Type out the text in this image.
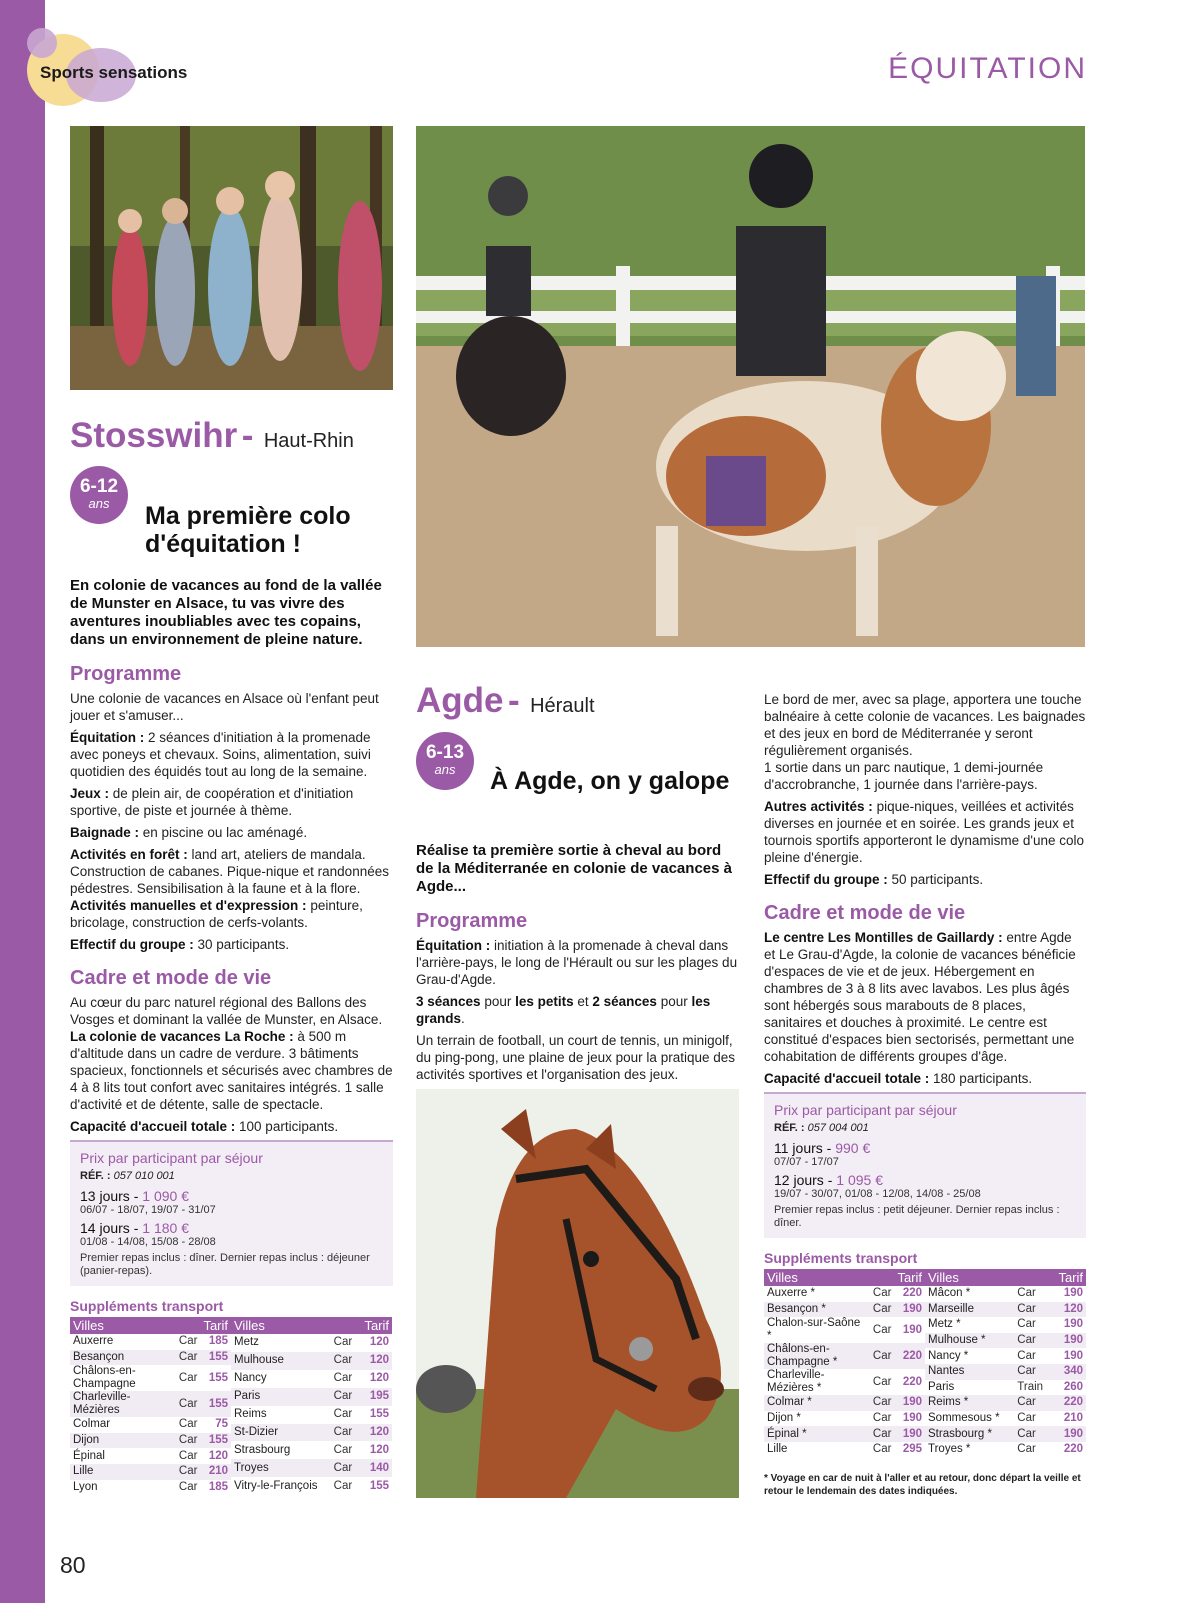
Sports sensations	ÉQUITATION
Stosswihr - Haut-Rhin
6-12
ans	Ma première colo d'équitation !
En colonie de vacances au fond de la vallée de Munster en Alsace, tu vas vivre des aventures inoubliables avec tes copains, dans un environnement de pleine nature.
Programme
Une colonie de vacances en Alsace où l'enfant peut jouer et s'amuser...
Équitation : 2 séances d'initiation à la promenade avec poneys et chevaux. Soins, alimentation, suivi quotidien des équidés tout au long de la semaine.
Jeux : de plein air, de coopération et d'initiation sportive, de piste et journée à thème.
Baignade : en piscine ou lac aménagé.
Activités en forêt : land art, ateliers de mandala. Construction de cabanes. Pique-nique et randonnées pédestres. Sensibilisation à la faune et à la flore.
Activités manuelles et d'expression : peinture, bricolage, construction de cerfs-volants.
Effectif du groupe : 30 participants.
Cadre et mode de vie
Au cœur du parc naturel régional des Ballons des Vosges et dominant la vallée de Munster, en Alsace.
La colonie de vacances La Roche : à 500 m d'altitude dans un cadre de verdure. 3 bâtiments spacieux, fonctionnels et sécurisés avec chambres de 4 à 8 lits tout confort avec sanitaires intégrés. 1 salle d'activité et de détente, salle de spectacle.
Capacité d'accueil totale : 100 participants.
Prix par participant par séjour
RÉF. : 057 010 001
13 jours - 1 090 €
06/07 - 18/07, 19/07 - 31/07
14 jours - 1 180 €
01/08 - 14/08, 15/08 - 28/08
Premier repas inclus : dîner. Dernier repas inclus : déjeuner (panier-repas).
Suppléments transport
Villes		Tarif
Auxerre	Car	185
Besançon	Car	155
Châlons-en-Champagne	Car	155
Charleville-Mézières	Car	155
Colmar	Car	75
Dijon	Car	155
Épinal	Car	120
Lille	Car	210
Lyon	Car	185
Villes		Tarif
Metz	Car	120
Mulhouse	Car	120
Nancy	Car	120
Paris	Car	195
Reims	Car	155
St-Dizier	Car	120
Strasbourg	Car	120
Troyes	Car	140
Vitry-le-François	Car	155
Agde - Hérault
6-13
ans	À Agde, on y galope
Réalise ta première sortie à cheval au bord de la Méditerranée en colonie de vacances à Agde...
Programme
Équitation : initiation à la promenade à cheval dans l'arrière-pays, le long de l'Hérault ou sur les plages du Grau-d'Agde.
3 séances pour les petits et 2 séances pour les grands.
Un terrain de football, un court de tennis, un minigolf, du ping-pong, une plaine de jeux pour la pratique des activités sportives et l'organisation des jeux.
Le bord de mer, avec sa plage, apportera une touche balnéaire à cette colonie de vacances. Les baignades et des jeux en bord de Méditerranée y seront régulièrement organisés.
1 sortie dans un parc nautique, 1 demi-journée d'accrobranche, 1 journée dans l'arrière-pays.
Autres activités : pique-niques, veillées et activités diverses en journée et en soirée. Les grands jeux et tournois sportifs apporteront le dynamisme d'une colo pleine d'énergie.
Effectif du groupe : 50 participants.
Cadre et mode de vie
Le centre Les Montilles de Gaillardy : entre Agde et Le Grau-d'Agde, la colonie de vacances bénéficie d'espaces de vie et de jeux. Hébergement en chambres de 3 à 8 lits avec lavabos. Les plus âgés sont hébergés sous marabouts de 8 places, sanitaires et douches à proximité. Le centre est constitué d'espaces bien sectorisés, permettant une cohabitation de différents groupes d'âge.
Capacité d'accueil totale : 180 participants.
Prix par participant par séjour
RÉF. : 057 004 001
11 jours - 990 €
07/07 - 17/07
12 jours - 1 095 €
19/07 - 30/07, 01/08 - 12/08, 14/08 - 25/08
Premier repas inclus : petit déjeuner. Dernier repas inclus : dîner.
Suppléments transport
Villes		Tarif
Auxerre *	Car	220
Besançon *	Car	190
Chalon-sur-Saône *	Car	190
Châlons-en-Champagne *	Car	220
Charleville-Mézières *	Car	220
Colmar *	Car	190
Dijon *	Car	190
Épinal *	Car	190
Lille	Car	295
Villes		Tarif
Mâcon *	Car	190
Marseille	Car	120
Metz *	Car	190
Mulhouse *	Car	190
Nancy *	Car	190
Nantes	Car	340
Paris	Train	260
Reims *	Car	220
Sommesous *	Car	210
Strasbourg *	Car	190
Troyes *	Car	220
* Voyage en car de nuit à l'aller et au retour, donc départ la veille et retour le lendemain des dates indiquées.
80
